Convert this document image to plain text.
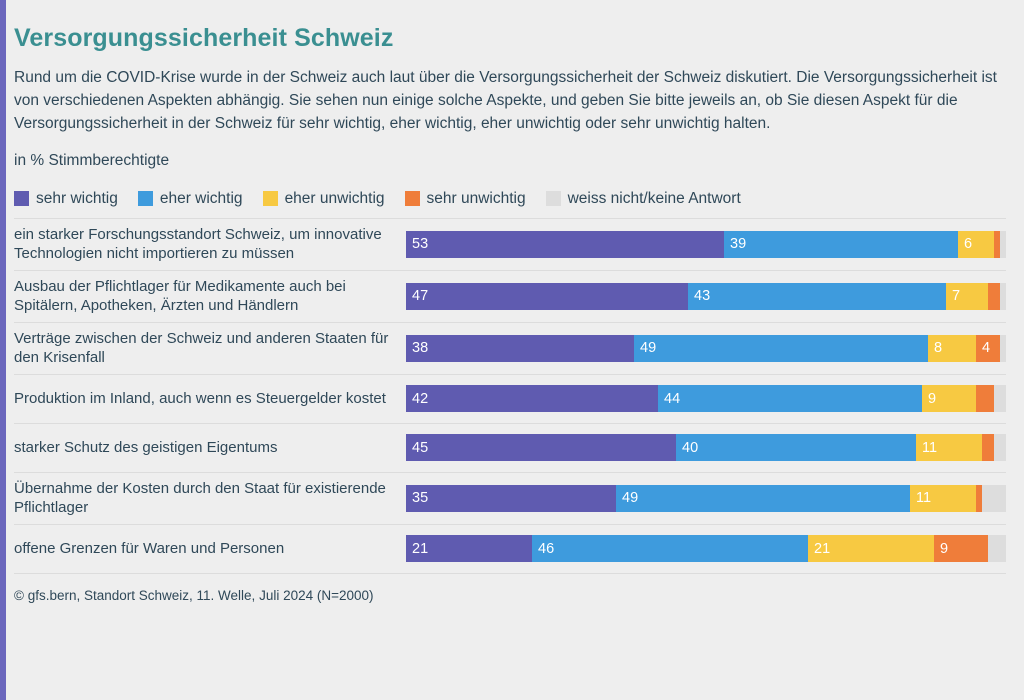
Versorgungssicherheit Schweiz
Rund um die COVID-Krise wurde in der Schweiz auch laut über die Versorgungssicherheit der Schweiz diskutiert. Die Versorgungssicherheit ist von verschiedenen Aspekten abhängig. Sie sehen nun einige solche Aspekte, und geben Sie bitte jeweils an, ob Sie diesen Aspekt für die Versorgungssicherheit in der Schweiz für sehr wichtig, eher wichtig, eher unwichtig oder sehr unwichtig halten.
in % Stimmberechtigte
sehr wichtig	eher wichtig	eher unwichtig	sehr unwichtig	weiss nicht/keine Antwort
ein starker Forschungsstandort Schweiz, um innovative Technologien nicht importieren zu müssen
53	39	6
Ausbau der Pflichtlager für Medikamente auch bei Spitälern, Apotheken, Ärzten und Händlern
47	43	7
Verträge zwischen der Schweiz und anderen Staaten für den Krisenfall
38	49	8	4
Produktion im Inland, auch wenn es Steuergelder kostet	42	44	9
starker Schutz des geistigen Eigentums	45	40	11
Übernahme der Kosten durch den Staat für existierende Pflichtlager
35	49	11
offene Grenzen für Waren und Personen	21	46	21	9
© gfs.bern, Standort Schweiz, 11. Welle, Juli 2024 (N=2000)
